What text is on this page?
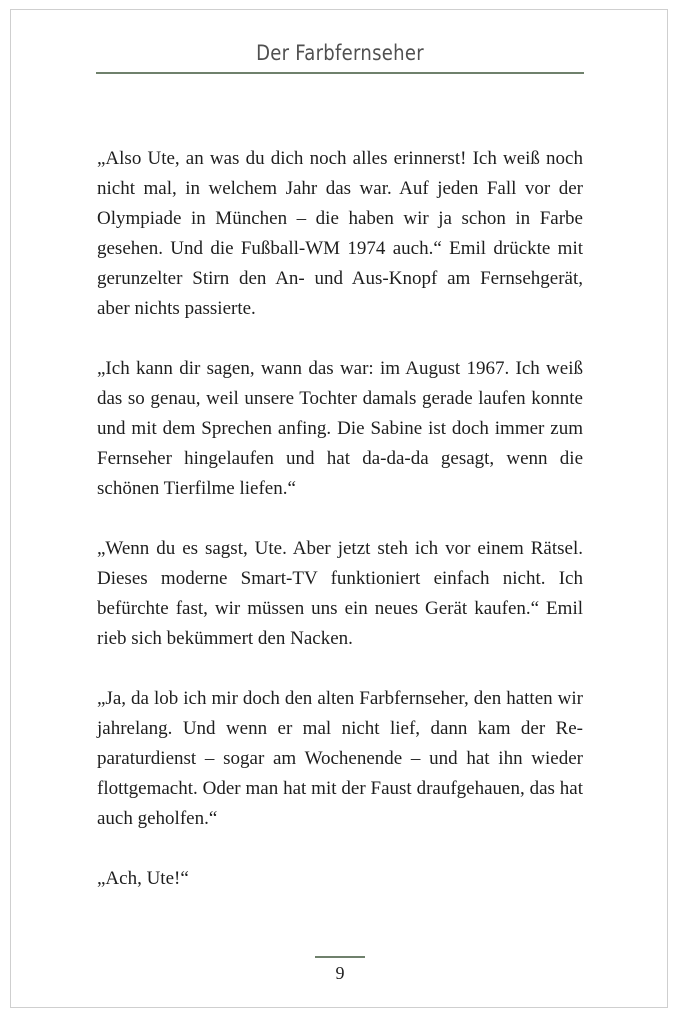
Der Farbfernseher

„Also Ute, an was du dich noch alles erinnerst! Ich weiß noch nicht mal, in welchem Jahr das war. Auf jeden Fall vor der Olympiade in München – die haben wir ja schon in Farbe gesehen. Und die Fußball-WM 1974 auch.“ Emil drückte mit gerunzelter Stirn den An- und Aus-Knopf am Fernsehgerät, aber nichts passierte.

„Ich kann dir sagen, wann das war: im August 1967. Ich weiß das so genau, weil unsere Tochter damals gerade laufen konnte und mit dem Sprechen anfing. Die Sabine ist doch immer zum Fernseher hingelaufen und hat da-da-da gesagt, wenn die schönen Tierfilme liefen.“

„Wenn du es sagst, Ute. Aber jetzt steh ich vor einem Rätsel. Dieses moderne Smart-TV funktioniert einfach nicht. Ich befürchte fast, wir müssen uns ein neues Gerät kaufen.“ Emil rieb sich bekümmert den Nacken.

„Ja, da lob ich mir doch den alten Farbfernseher, den hatten wir jahrelang. Und wenn er mal nicht lief, dann kam der Reparaturdienst – sogar am Wochenende – und hat ihn wieder flottgemacht. Oder man hat mit der Faust draufgehauen, das hat auch geholfen.“

„Ach, Ute!“

9
